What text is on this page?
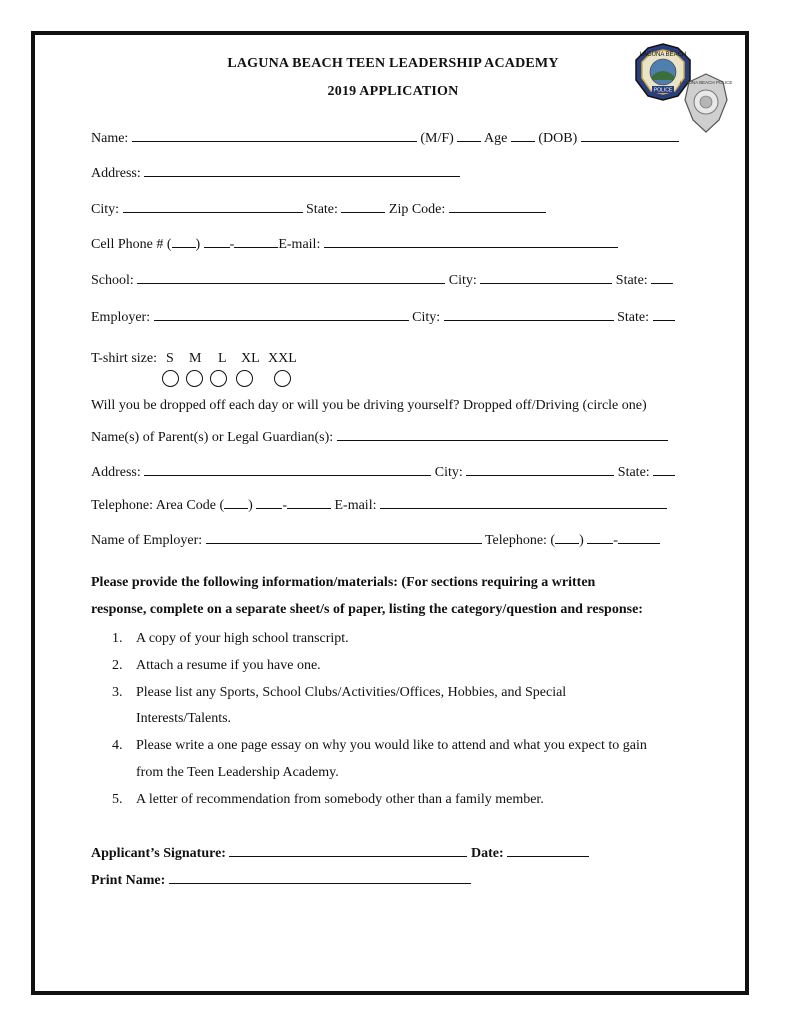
LAGUNA BEACH TEEN LEADERSHIP ACADEMY
2019 APPLICATION
LAGUNA BEACH
POLICE
LAGUNA BEACH POLICE
Name:	(M/F) Age (DOB)
Address:
City:	State:	Zip Code:
Cell Phone # ( ) -	E-mail:
School:	City:	State:
Employer:	City:	State:
T-shirt size: S M L XL XXL
Will you be dropped off each day or will you be driving yourself? Dropped off/Driving (circle one)
Name(s) of Parent(s) or Legal Guardian(s):
Address:	City:	State:
Telephone: Area Code ( ) -	E-mail:
Name of Employer:	Telephone: ( ) -
Please provide the following information/materials: (For sections requiring a written
response, complete on a separate sheet/s of paper, listing the category/question and response:
1. A copy of your high school transcript.
2. Attach a resume if you have one.
3. Please list any Sports, School Clubs/Activities/Offices, Hobbies, and Special
Interests/Talents.
4. Please write a one page essay on why you would like to attend and what you expect to gain
from the Teen Leadership Academy.
5. A letter of recommendation from somebody other than a family member.
Applicant’s Signature:	Date:
Print Name:
